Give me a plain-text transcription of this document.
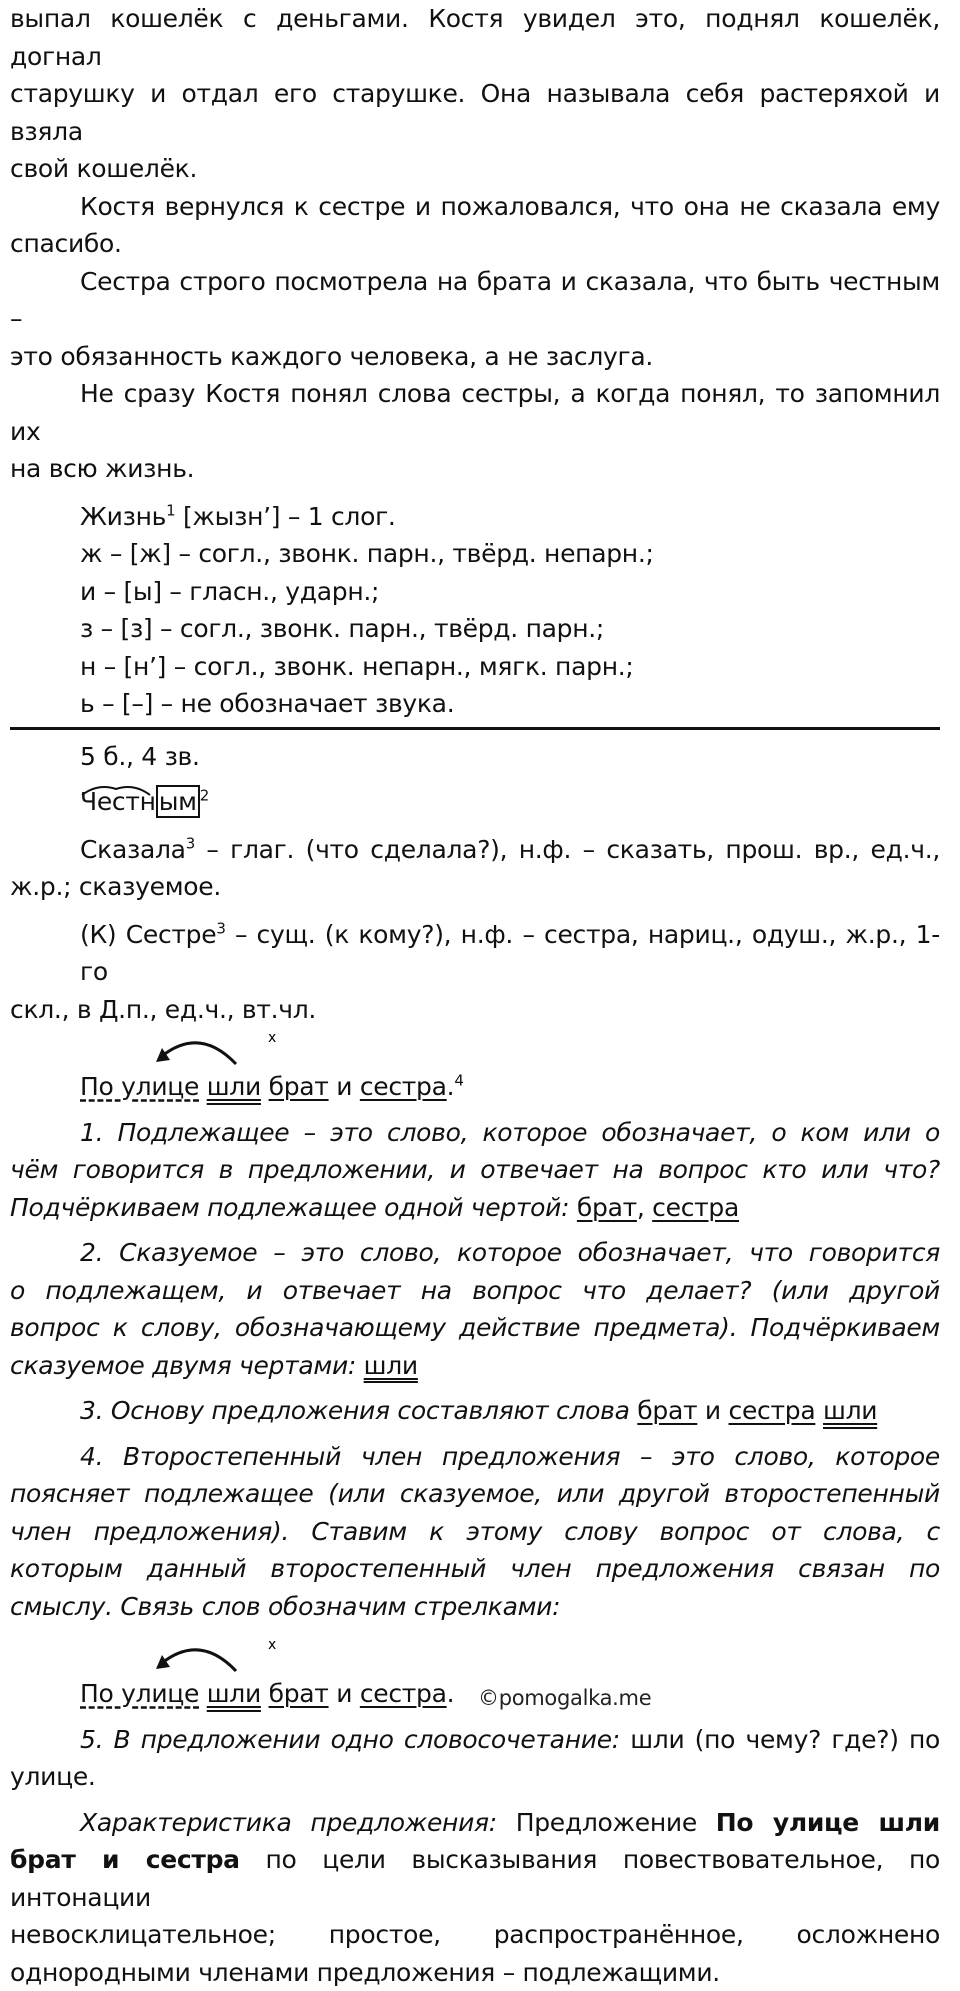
выпал кошелёк с деньгами. Костя увидел это, поднял кошелёк, догнал

старушку и отдал его старушке. Она называла себя растеряхой и взяла

свой кошелёк.

Костя вернулся к сестре и пожаловался, что она не сказала ему

спасибо.

Сестра строго посмотрела на брата и сказала, что быть честным –

это обязанность каждого человека, а не заслуга.

Не сразу Костя понял слова сестры, а когда понял, то запомнил их

на всю жизнь.

Жизнь$^1$ [жызн’] – 1 слог.

ж – [ж] – согл., звонк. парн., твёрд. непарн.;

и – [ы] – гласн., ударн.;

з – [з] – согл., звонк. парн., твёрд. парн.;

н – [н’] – согл., звонк. непарн., мягк. парн.;

ь – [–] – не обозначает звука.

5 б., 4 зв.

Честн ым $^2$

Сказала$^3$ – глаг. (что сделала?), н.ф. – сказать, прош. вр., ед.ч.,

ж.р.; сказуемое.

(К) Сестре$^3$ – сущ. (к кому?), н.ф. – сестра, нариц., одуш., ж.р., 1-го

скл., в Д.п., ед.ч., вт.чл.

x
По улице шли брат и сестра.$^4$

1. Подлежащее – это слово, которое обозначает, о ком или о

чём говорится в предложении, и отвечает на вопрос кто или что?

Подчёркиваем подлежащее одной чертой: брат, сестра

2. Сказуемое – это слово, которое обозначает, что говорится

о подлежащем, и отвечает на вопрос что делает? (или другой

вопрос к слову, обозначающему действие предмета). Подчёркиваем

сказуемое двумя чертами: шли

3. Основу предложения составляют слова брат и сестра шли

4. Второстепенный член предложения – это слово, которое

поясняет подлежащее (или сказуемое, или другой второстепенный

член предложения). Ставим к этому слову вопрос от слова, с

которым данный второстепенный член предложения связан по

смыслу. Связь слов обозначим стрелками:

x
По улице шли брат и сестра.

5. В предложении одно словосочетание: шли (по чему? где?) по

улице.

Характеристика предложения: Предложение По улице шли

брат и сестра по цели высказывания повествовательное, по интонации

невосклицательное; простое, распространённое, осложнено

однородными членами предложения – подлежащими.

©pomogalka.me
